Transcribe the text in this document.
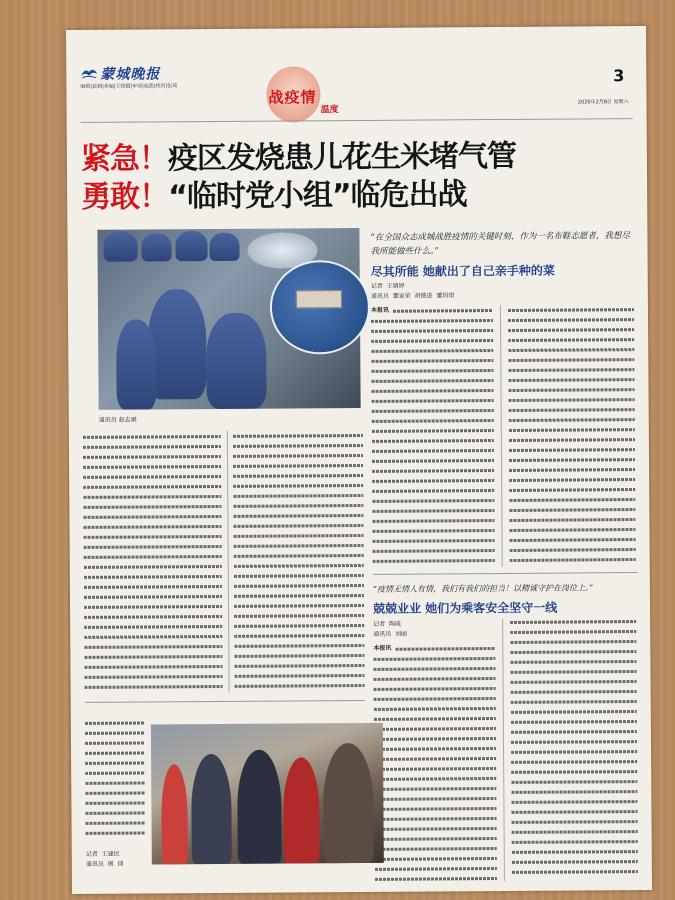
蒙城晚报
编辑|苗毅|美编|王晓霞|审读|赵凯|校对|张琦
战疫情
温度
3
2020年2月8日 星期六
紧急！疫区发烧患儿花生米堵气管
勇敢！“临时党小组”临危出战
通讯员 赵志斌
“在全国众志成城战胜疫情的关键时刻，作为一名布鞋志愿者，我想尽我所能做些什么。”
尽其所能 她献出了自己亲手种的菜
记者  王婧婷
通讯员  董家荣  胡德进  董玥琪
本报讯
“疫情无情人有情，我们有我们的担当！以精诚守护在岗位上。”
兢兢业业 她们为乘客安全坚守一线
记者  陶威
通讯员  刘丽
本报讯
记者  王建民
通讯员  周  倩
